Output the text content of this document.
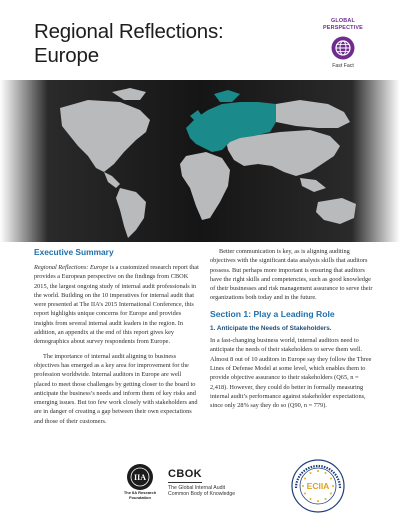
Regional Reflections:
Europe
GLOBAL
PERSPECTIVE
Fast Fact
Executive Summary

Regional Reflections: Europe is a customized research report that provides a European perspective on the findings from CBOK 2015, the largest ongoing study of internal audit professionals in the world. Building on the 10 imperatives for internal audit that were presented at The IIA’s 2015 International Conference, this report highlights unique concerns for Europe and provides insights from several internal audit leaders in the region. In addition, an appendix at the end of this report gives key demographics about survey respondents from Europe.

The importance of internal audit aligning to business objectives has emerged as a key area for improvement for the profession worldwide. Internal auditors in Europe are well placed to meet those challenges by getting closer to the board to anticipate the business’s needs and inform them of key risks and emerging issues. But too few work closely with stakeholders and are in danger of creating a gap between their own expectations and those of their customers.

Better communication is key, as is aligning auditing objectives with the significant data analysis skills that auditors possess. But perhaps more important is ensuring that auditors have the right skills and competencies, such as good knowledge of their businesses and risk management assurance to serve their organizations both today and in the future.

Section 1: Play a Leading Role
1. Anticipate the Needs of Stakeholders.

In a fast-changing business world, internal auditors need to anticipate the needs of their stakeholders to serve them well. Almost 8 out of 10 auditors in Europe say they follow the Three Lines of Defense Model at some level, which enables them to provide objective assurance to their stakeholders (Q65, n = 2,418). However, they could do better in formally measuring internal audit’s performance against stakeholder expectations, since only 28% say they do so (Q90, n = 779).

IIA
The IIA Research
Foundation
CBOK
The Global Internal Audit
Common Body of Knowledge
ECIIA
